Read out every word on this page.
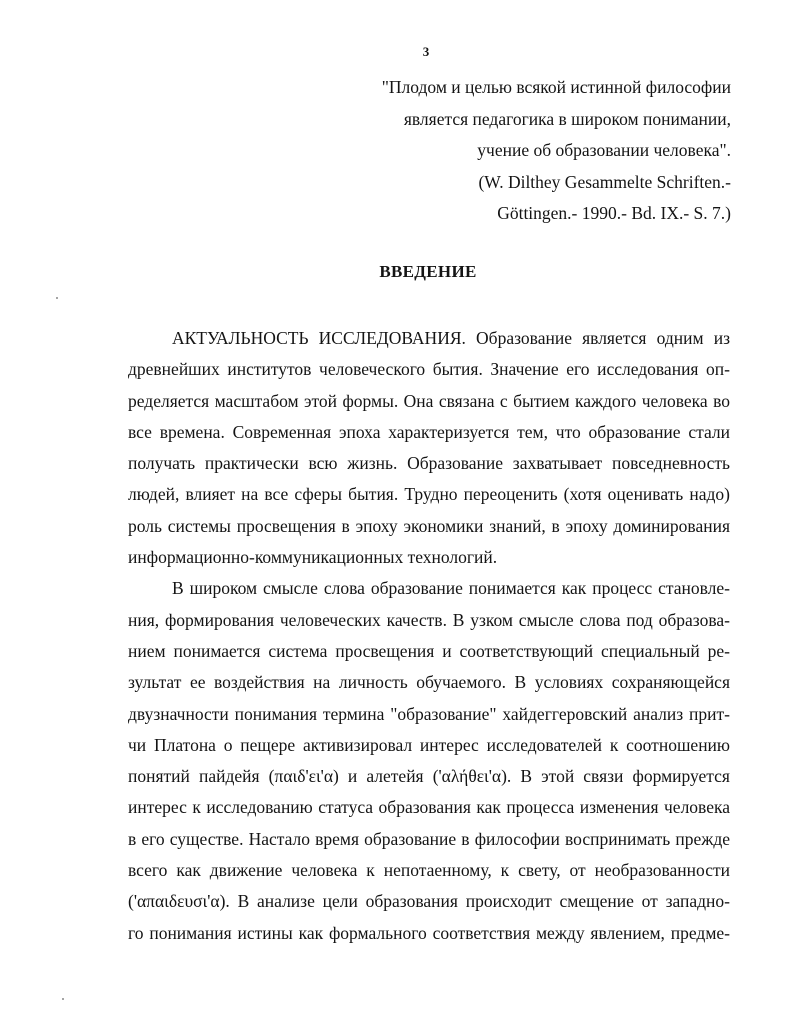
3
"Плодом и целью всякой истинной философии
является педагогика в широком понимании,
учение об образовании человека".
(W. Dilthey Gesammelte Schriften.-
Göttingen.- 1990.- Bd. IX.- S. 7.)
ВВЕДЕНИЕ
АКТУАЛЬНОСТЬ ИССЛЕДОВАНИЯ. Образование является одним из
древнейших институтов человеческого бытия. Значение его исследования оп-
ределяется масштабом этой формы. Она связана с бытием каждого человека во
все времена. Современная эпоха характеризуется тем, что образование стали
получать практически всю жизнь. Образование захватывает повседневность
людей, влияет на все сферы бытия. Трудно переоценить (хотя оценивать надо)
роль системы просвещения в эпоху экономики знаний, в эпоху доминирования
информационно-коммуникационных технологий.
В широком смысле слова образование понимается как процесс становле-
ния, формирования человеческих качеств. В узком смысле слова под образова-
нием понимается система просвещения и соответствующий специальный ре-
зультат ее воздействия на личность обучаемого. В условиях сохраняющейся
двузначности понимания термина "образование" хайдеггеровский анализ прит-
чи Платона о пещере активизировал интерес исследователей к соотношению
понятий пайдейя (παιδ'ει'α) и алетейя ('αλήθει'α). В этой связи формируется
интерес к исследованию статуса образования как процесса изменения человека
в его существе. Настало время образование в философии воспринимать прежде
всего как движение человека к непотаенному, к свету, от необразованности
('απαιδευσι'α). В анализе цели образования происходит смещение от западно-
го понимания истины как формального соответствия между явлением, предме-
